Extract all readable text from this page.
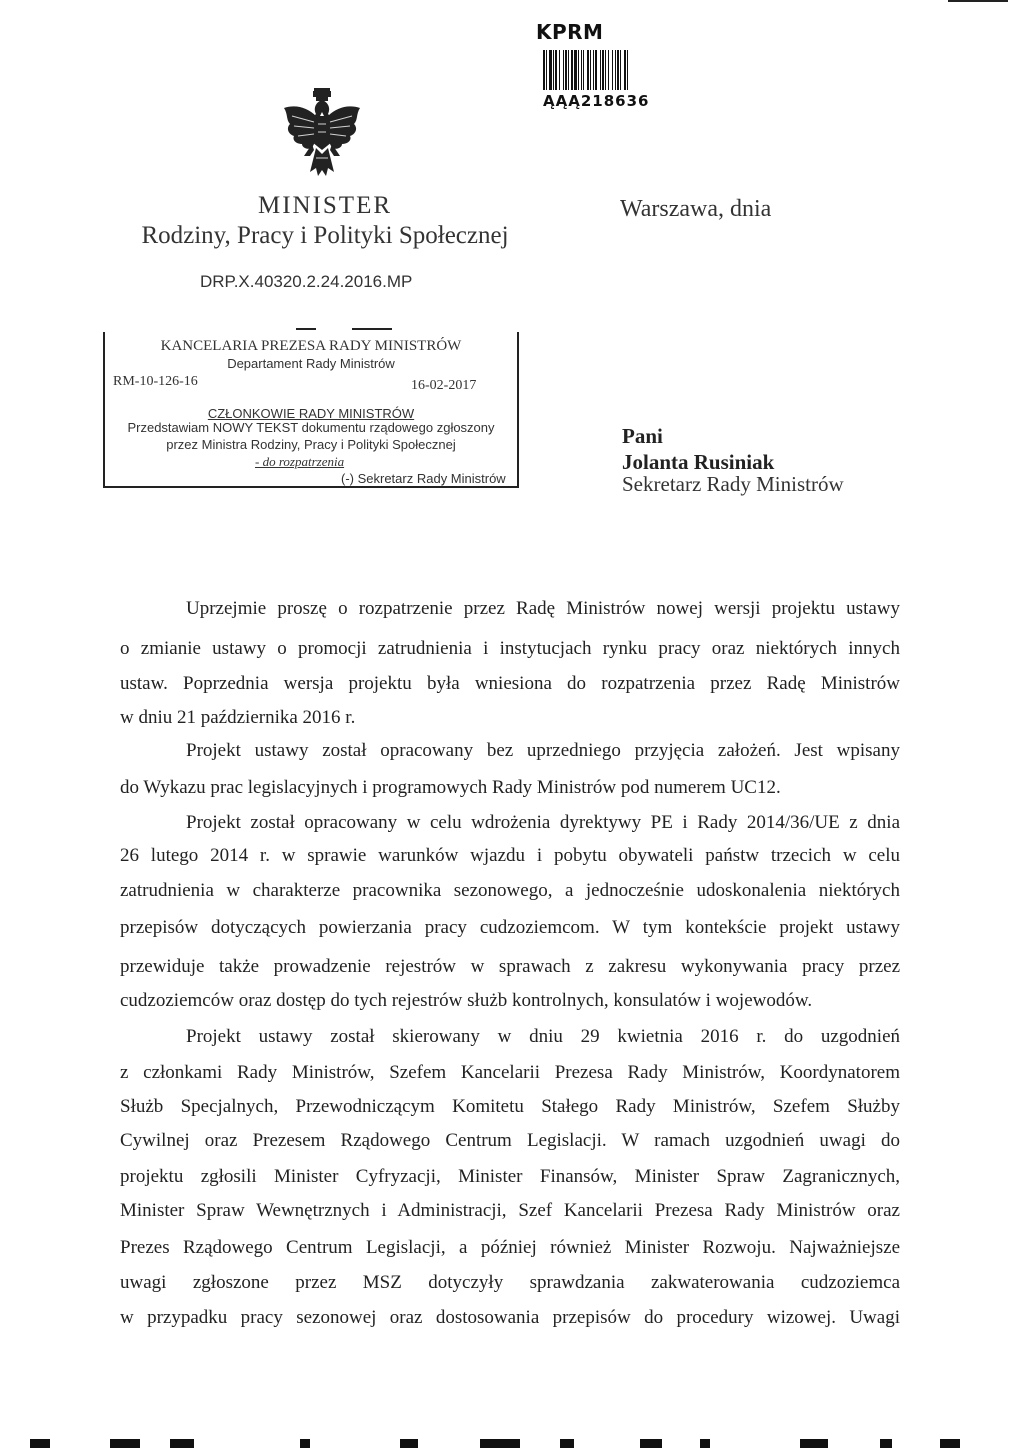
KPRM
ĄĄĄ218636
MINISTER
Rodziny, Pracy i Polityki Społecznej
Warszawa, dnia
DRP.X.40320.2.24.2016.MP
KANCELARIA PREZESA RADY MINISTRÓW
Departament Rady Ministrów
RM-10-126-16	16-02-2017
CZŁONKOWIE RADY MINISTRÓW
Przedstawiam NOWY TEKST dokumentu rządowego zgłoszony
przez Ministra Rodziny, Pracy i Polityki Społecznej
- do rozpatrzenia
(-) Sekretarz Rady Ministrów
Pani
Jolanta Rusiniak
Sekretarz Rady Ministrów
Uprzejmie proszę o rozpatrzenie przez Radę Ministrów nowej wersji projektu ustawy
o zmianie ustawy o promocji zatrudnienia i instytucjach rynku pracy oraz niektórych innych
ustaw. Poprzednia wersja projektu była wniesiona do rozpatrzenia przez Radę Ministrów
w dniu 21 października 2016 r.
Projekt ustawy został opracowany bez uprzedniego przyjęcia założeń. Jest wpisany
do Wykazu prac legislacyjnych i programowych Rady Ministrów pod numerem UC12.
Projekt został opracowany w celu wdrożenia dyrektywy PE i Rady 2014/36/UE z dnia
26 lutego 2014 r. w sprawie warunków wjazdu i pobytu obywateli państw trzecich w celu
zatrudnienia w charakterze pracownika sezonowego, a jednocześnie udoskonalenia niektórych
przepisów dotyczących powierzania pracy cudzoziemcom. W tym kontekście projekt ustawy
przewiduje także prowadzenie rejestrów w sprawach z zakresu wykonywania pracy przez
cudzoziemców oraz dostęp do tych rejestrów służb kontrolnych, konsulatów i wojewodów.
Projekt ustawy został skierowany w dniu 29 kwietnia 2016 r. do uzgodnień
z członkami Rady Ministrów, Szefem Kancelarii Prezesa Rady Ministrów, Koordynatorem
Służb Specjalnych, Przewodniczącym Komitetu Stałego Rady Ministrów, Szefem Służby
Cywilnej oraz Prezesem Rządowego Centrum Legislacji. W ramach uzgodnień uwagi do
projektu zgłosili Minister Cyfryzacji, Minister Finansów, Minister Spraw Zagranicznych,
Minister Spraw Wewnętrznych i Administracji, Szef Kancelarii Prezesa Rady Ministrów oraz
Prezes Rządowego Centrum Legislacji, a później również Minister Rozwoju. Najważniejsze
uwagi zgłoszone przez MSZ dotyczyły sprawdzania zakwaterowania cudzoziemca
w przypadku pracy sezonowej oraz dostosowania przepisów do procedury wizowej. Uwagi
